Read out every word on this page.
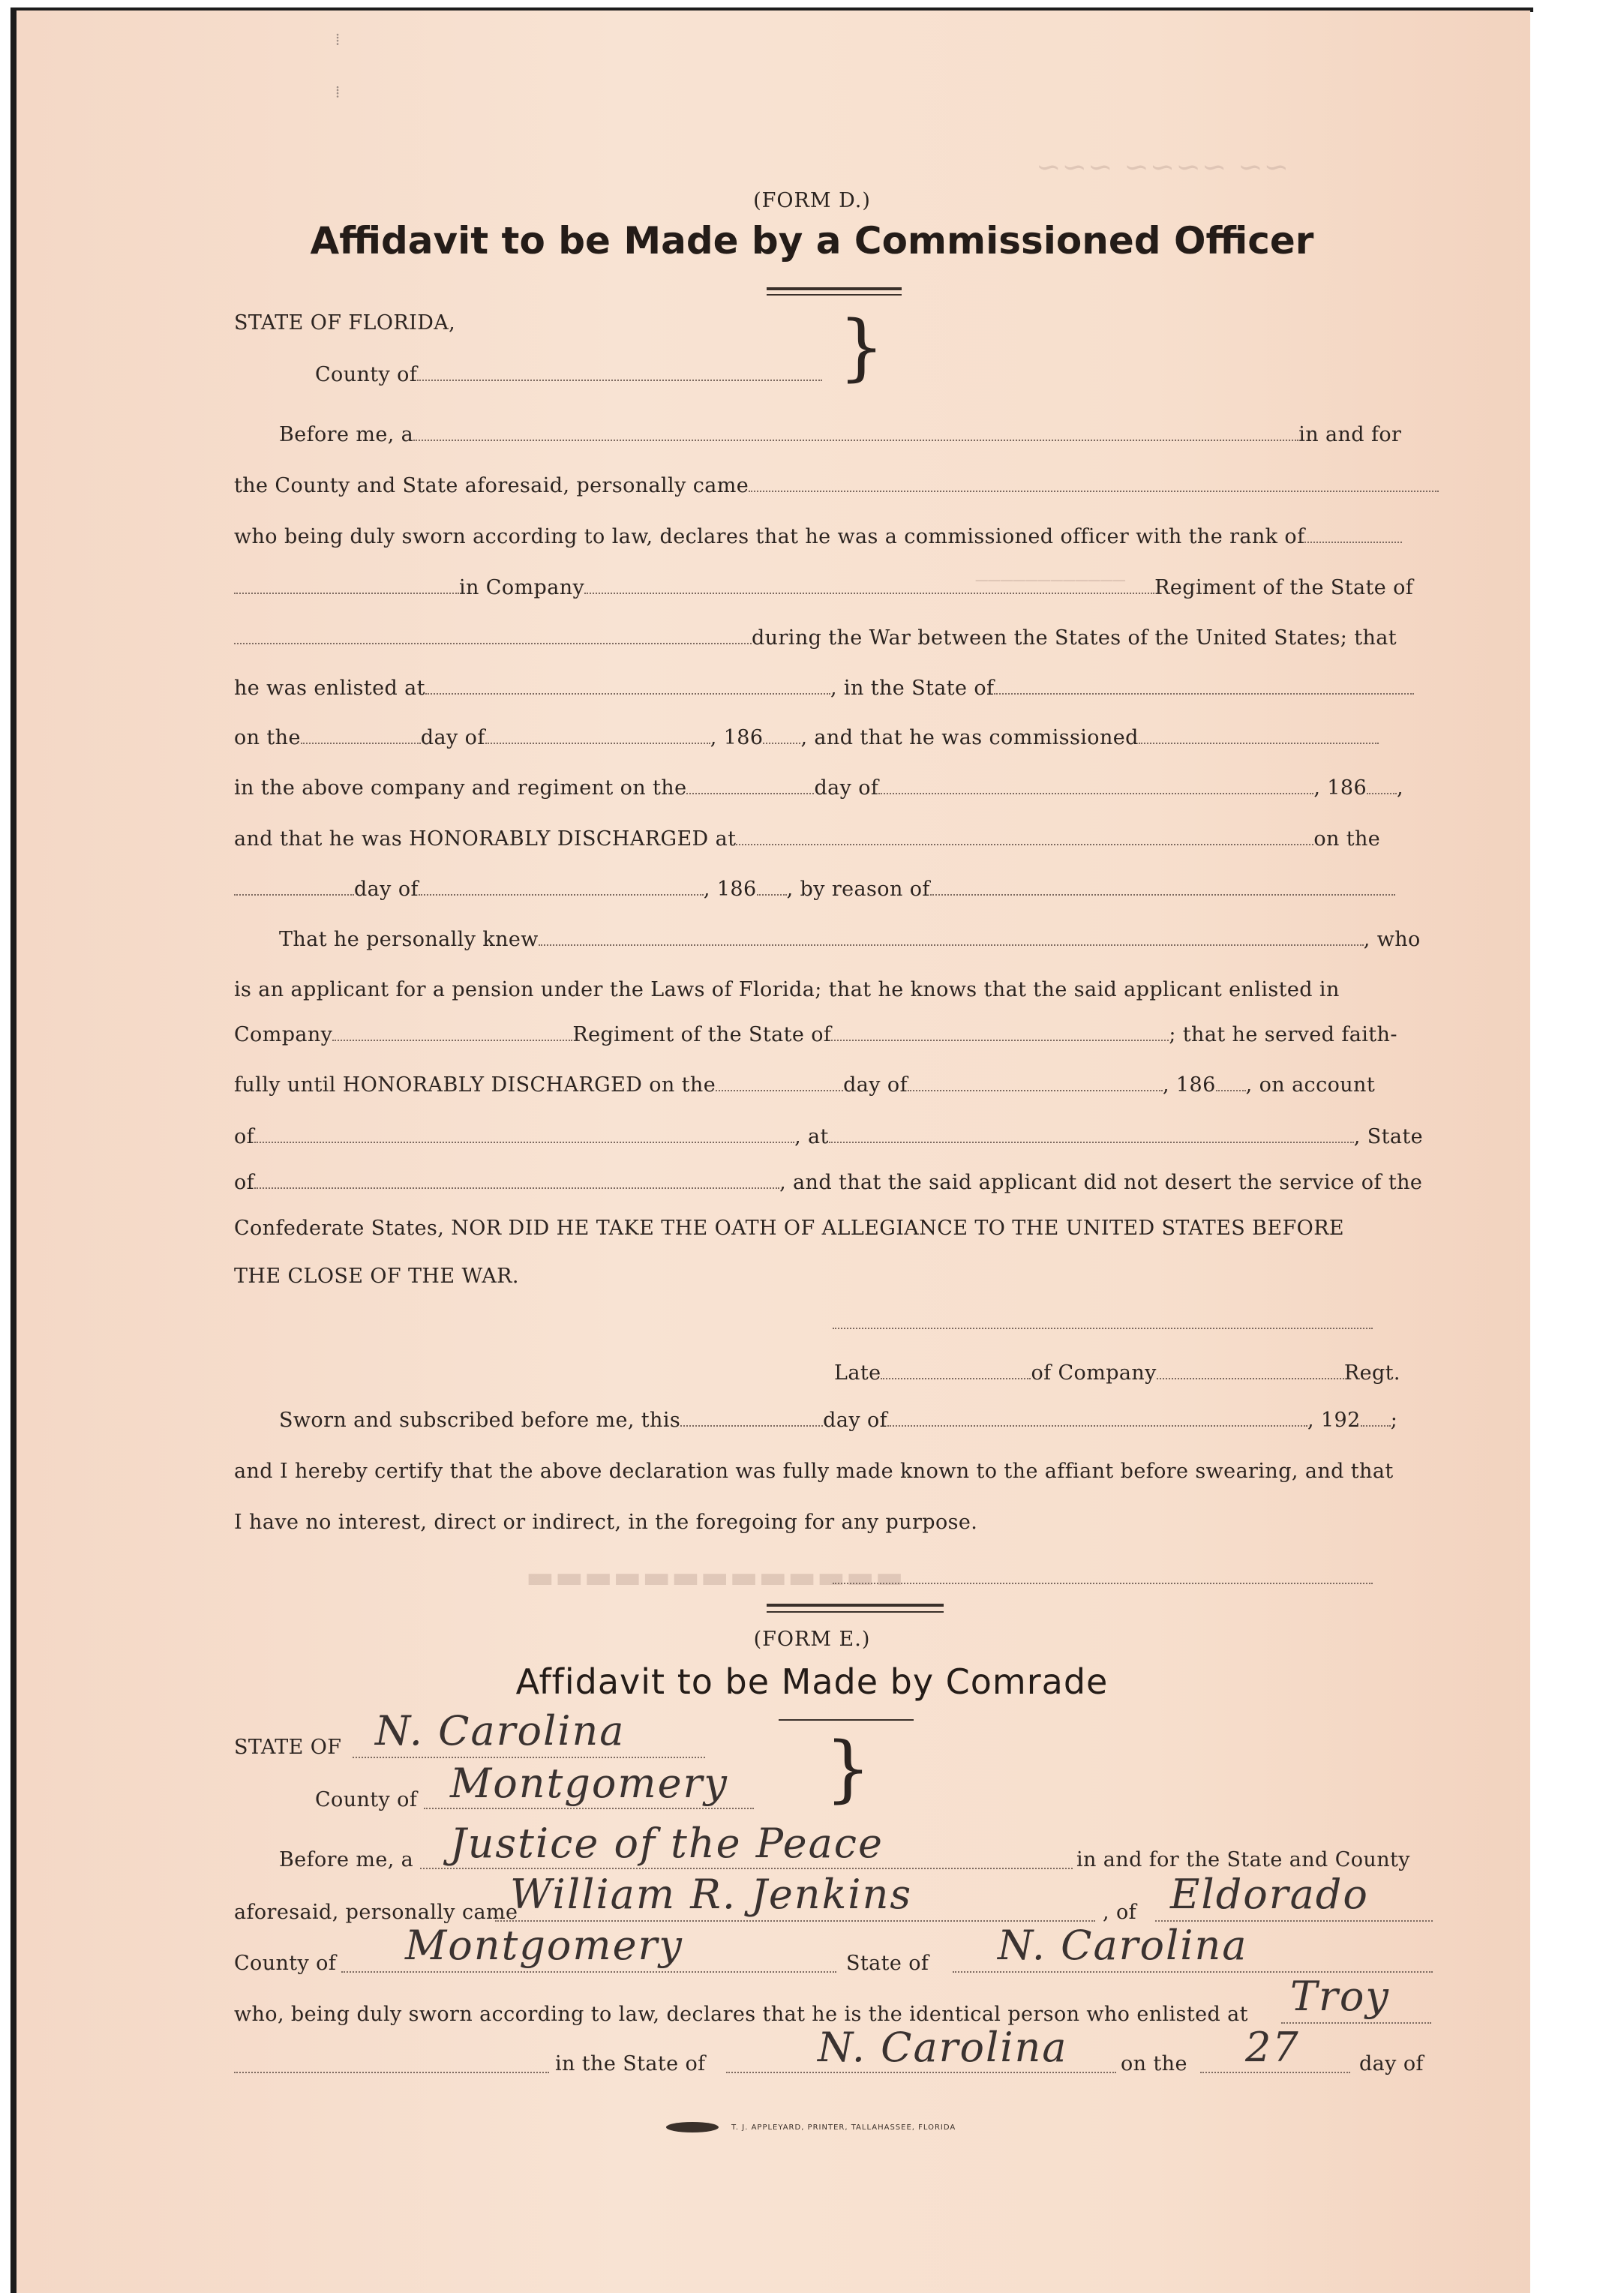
~~ ~~~~ ~~~
────────────
▬▬▬▬▬▬▬▬▬▬▬▬▬
⁞
⁞
(FORM D.)
Affidavit to be Made by a Commissioned Officer
STATE OF FLORIDA,
County of	}
Before me, a	in and for
the County and State aforesaid, personally came
who being duly sworn according to law, declares that he was a commissioned officer with the rank of
in Company	Regiment of the State of
during the War between the States of the United States; that
he was enlisted at	, in the State of
on the	day of	, 186 , and that he was commissioned
in the above company and regiment on the	day of	, 186 ,
and that he was HONORABLY DISCHARGED at	on the
day of	, 186 , by reason of
That he personally knew	, who
is an applicant for a pension under the Laws of Florida; that he knows that the said applicant enlisted in
Company	Regiment of the State of	; that he served faith-
fully until HONORABLY DISCHARGED on the	day of	, 186 , on account
of	, at	, State
of	, and that the said applicant did not desert the service of the
Confederate States, NOR DID HE TAKE THE OATH OF ALLEGIANCE TO THE UNITED STATES BEFORE
THE CLOSE OF THE WAR.
Late	of Company	Regt.
Sworn and subscribed before me, this	day of	, 192 ;
and I hereby certify that the above declaration was fully made known to the affiant before swearing, and that
I have no interest, direct or indirect, in the foregoing for any purpose.
(FORM E.)
Affidavit to be Made by Comrade
STATE OF N. Carolina
County of Montgomery }
Before me, a Justice of the Peace	in and for the State and County
aforesaid, personally came
William R. Jenkins	, of Eldorado
County of Montgomery	State of N. Carolina
who, being duly sworn according to law, declares that he is the identical person who enlisted at Troy
in the State of	N. Carolina	on the 27	day of
T. J. APPLEYARD, PRINTER, TALLAHASSEE, FLORIDA
